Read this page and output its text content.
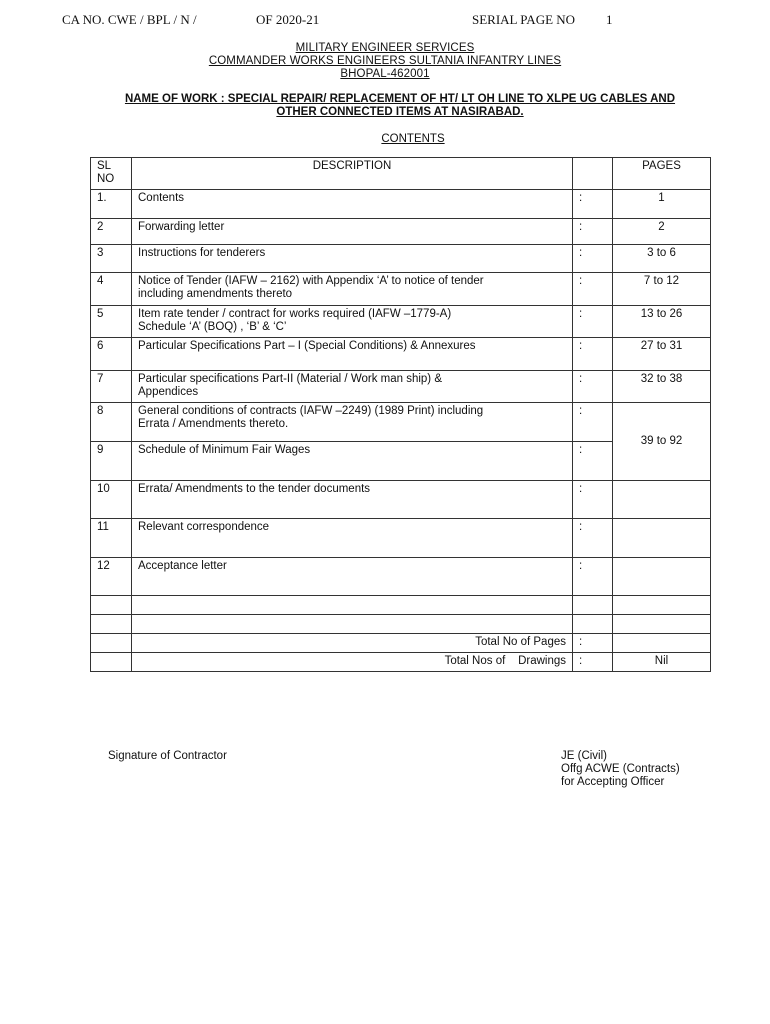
CA NO. CWE / BPL / N /	OF 2020-21	SERIAL PAGE NO 1
MILITARY ENGINEER SERVICES
COMMANDER WORKS ENGINEERS SULTANIA INFANTRY LINES
BHOPAL-462001
NAME OF WORK : SPECIAL REPAIR/ REPLACEMENT OF HT/ LT OH LINE TO XLPE UG CABLES AND
OTHER CONNECTED ITEMS AT NASIRABAD.
CONTENTS
SL
NO	DESCRIPTION		PAGES
1.	Contents	:	1
2	Forwarding letter	:	2
3	Instructions for tenderers	:	3 to 6
4	Notice of Tender (IAFW – 2162) with Appendix ‘A’ to notice of tender
including amendments thereto	:	7 to 12
5	Item rate tender / contract for works required (IAFW –1779-A)
Schedule ‘A’ (BOQ) , ‘B’ & ‘C’	:	13 to 26
6	Particular Specifications Part – I (Special Conditions) & Annexures	:	27 to 31
7	Particular specifications Part-II (Material / Work man ship) &
Appendices	:	32 to 38
8	General conditions of contracts (IAFW –2249) (1989 Print) including
Errata / Amendments thereto.	:	39 to 92
9	Schedule of Minimum Fair Wages	:	
10	Errata/ Amendments to the tender documents	:	
11	Relevant correspondence	:	
12	Acceptance letter	:	

	Total No of Pages	:	
	Total Nos of    Drawings	:	Nil
Signature of Contractor	JE (Civil)
Offg ACWE (Contracts)
for Accepting Officer
